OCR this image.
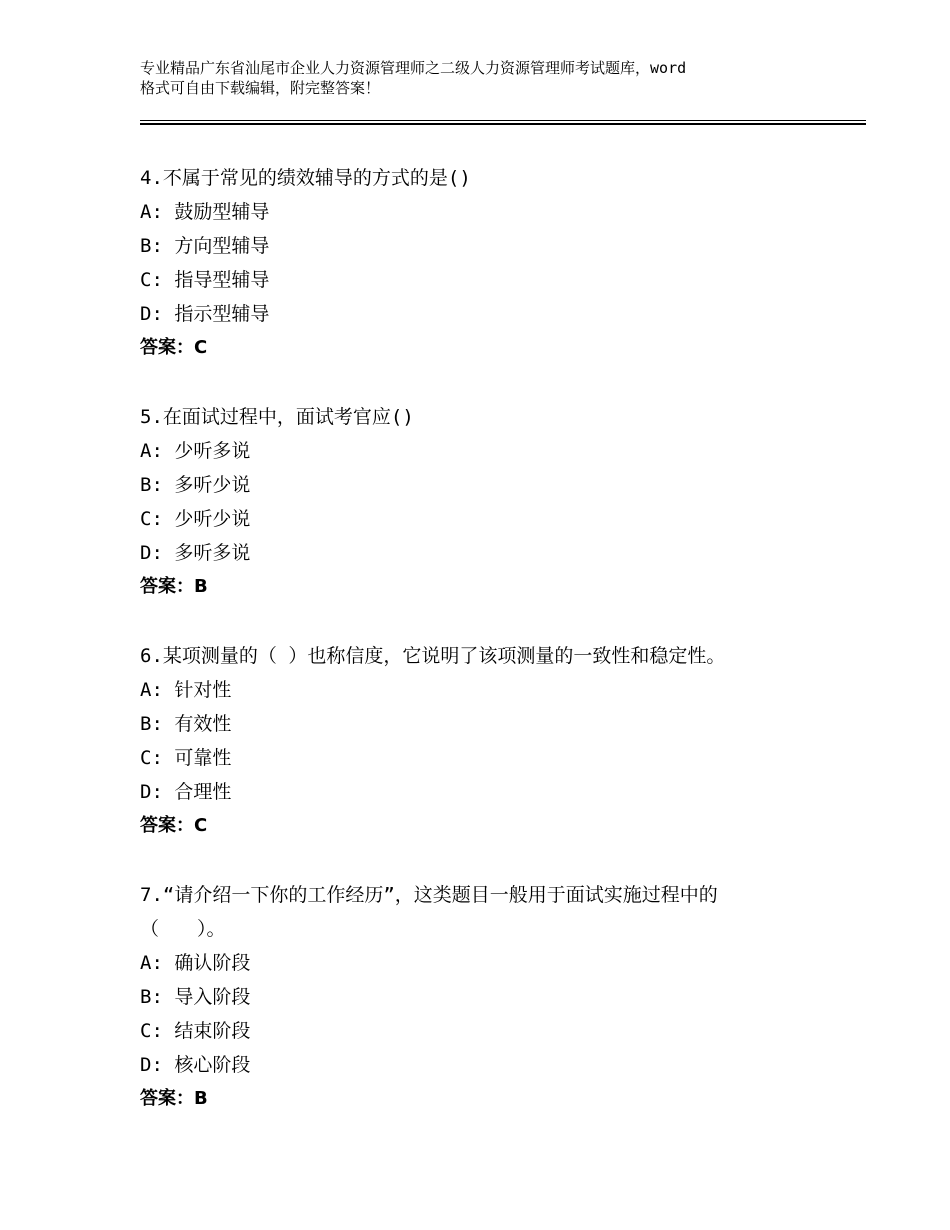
专业精品广东省汕尾市企业人力资源管理师之二级人力资源管理师考试题库，word
格式可自由下载编辑，附完整答案！
4.不属于常见的绩效辅导的方式的是()
A: 鼓励型辅导
B: 方向型辅导
C: 指导型辅导
D: 指示型辅导
答案：C
5.在面试过程中，面试考官应()
A: 少听多说
B: 多听少说
C: 少听少说
D: 多听多说
答案：B
6.某项测量的（ ）也称信度，它说明了该项测量的一致性和稳定性。
A: 针对性
B: 有效性
C: 可靠性
D: 合理性
答案：C
7.“请介绍一下你的工作经历”，这类题目一般用于面试实施过程中的（　　）。
A: 确认阶段
B: 导入阶段
C: 结束阶段
D: 核心阶段
答案：B
